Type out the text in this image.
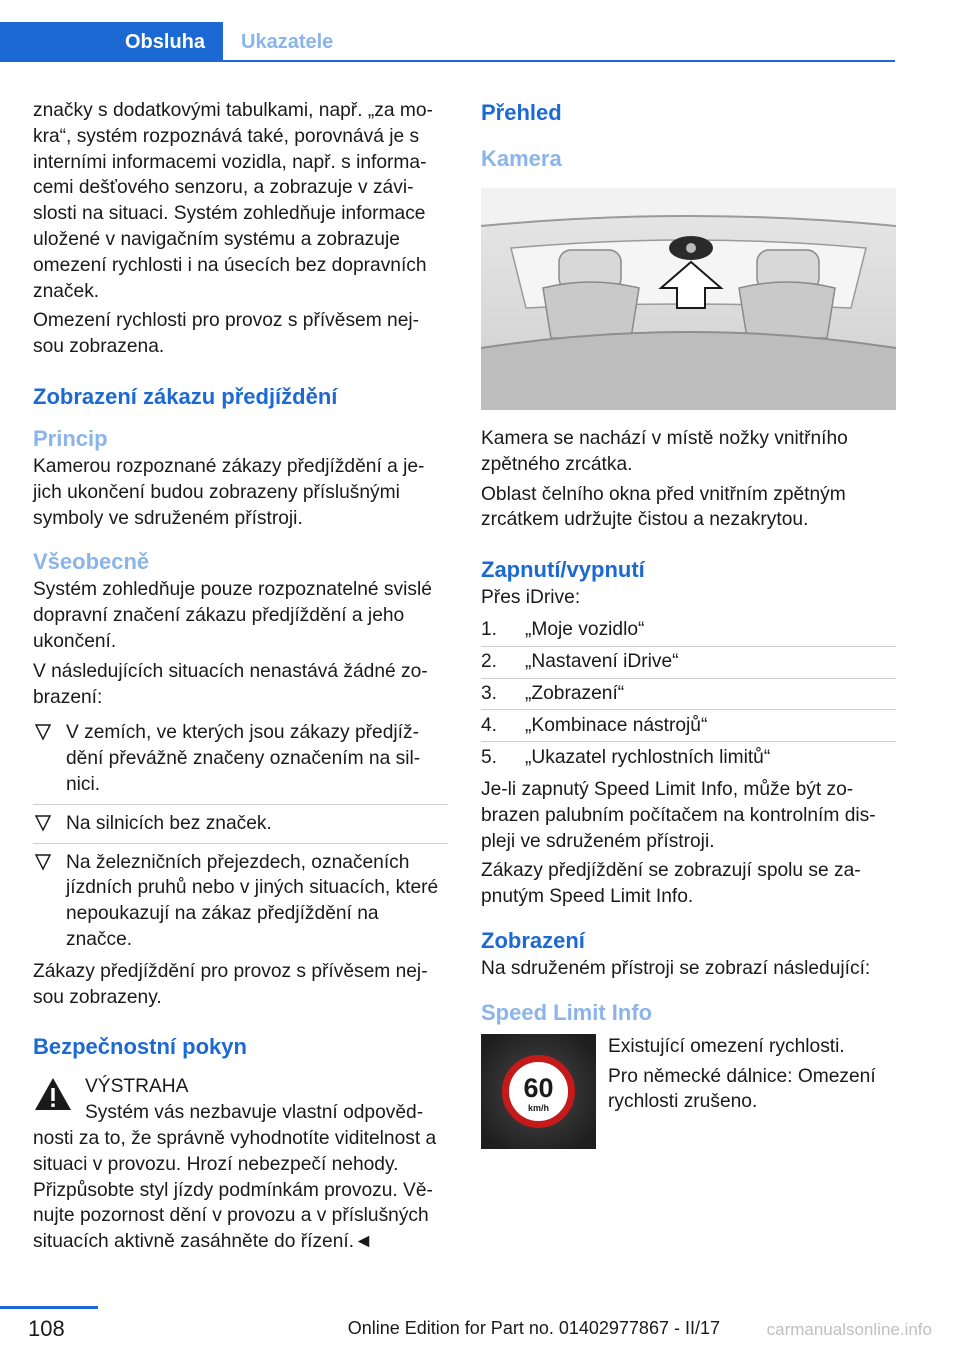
Obsluha	Ukazatele

značky s dodatkovými tabulkami, např. „za mo‐ kra“, systém rozpoznává také, porovnává je s interními informacemi vozidla, např. s informa‐ cemi dešťového senzoru, a zobrazuje v závi‐ slosti na situaci. Systém zohledňuje informace uložené v navigačním systému a zobrazuje omezení rychlosti i na úsecích bez dopravních značek.

Omezení rychlosti pro provoz s přívěsem nej‐ sou zobrazena.

Zobrazení zákazu předjíždění
Princip

Kamerou rozpoznané zákazy předjíždění a je‐ jich ukončení budou zobrazeny příslušnými symboly ve sdruženém přístroji.

Všeobecně

Systém zohledňuje pouze rozpoznatelné svislé dopravní značení zákazu předjíždění a jeho ukončení.

V následujících situacích nenastává žádné zo‐ brazení:

V zemích, ve kterých jsou zákazy předjíž‐ dění převážně značeny označením na sil‐ nici.
Na silnicích bez značek.
Na železničních přejezdech, označeních jízdních pruhů nebo v jiných situacích, které nepoukazují na zákaz předjíždění na značce.

Zákazy předjíždění pro provoz s přívěsem nej‐ sou zobrazeny.

Bezpečnostní pokyn

VÝSTRAHA

Systém vás nezbavuje vlastní odpověd‐ nosti za to, že správně vyhodnotíte viditelnost a situaci v provozu. Hrozí nebezpečí nehody. Přizpůsobte styl jízdy podmínkám provozu. Vě‐ nujte pozornost dění v provozu a v příslušných situacích aktivně zasáhněte do řízení.◄

Přehled
Kamera

Kamera se nachází v místě nožky vnitřního zpětného zrcátka.

Oblast čelního okna před vnitřním zpětným zrcátkem udržujte čistou a nezakrytou.

Zapnutí/vypnutí

Přes iDrive:

1. „Moje vozidlo“
2. „Nastavení iDrive“
3. „Zobrazení“
4. „Kombinace nástrojů“
5. „Ukazatel rychlostních limitů“

Je-li zapnutý Speed Limit Info, může být zo‐ brazen palubním počítačem na kontrolním dis‐ pleji ve sdruženém přístroji.

Zákazy předjíždění se zobrazují spolu se za‐ pnutým Speed Limit Info.

Zobrazení

Na sdruženém přístroji se zobrazí následující:

Speed Limit Info
60
km/h

Existující omezení rychlosti.

Pro německé dálnice: Omezení rychlosti zrušeno.

108	Online Edition for Part no. 01402977867 - II/17	carmanualsonline.info
